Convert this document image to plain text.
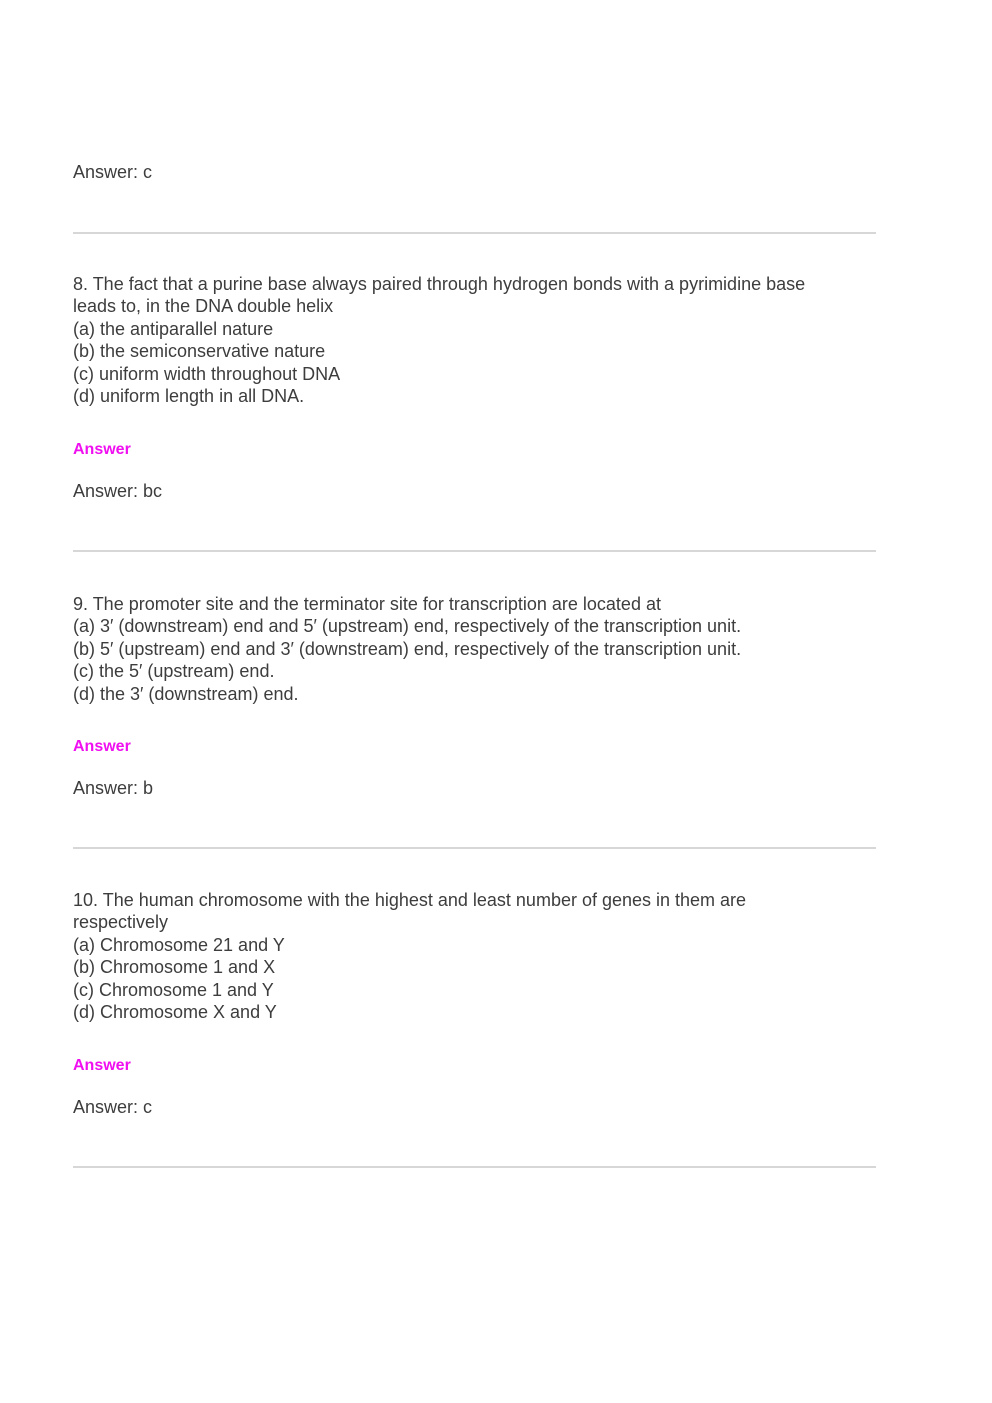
Answer: c
8. The fact that a purine base always paired through hydrogen bonds with a pyrimidine base
leads to, in the DNA double helix
(a) the antiparallel nature
(b) the semiconservative nature
(c) uniform width throughout DNA
(d) uniform length in all DNA.
Answer
Answer: bc
9. The promoter site and the terminator site for transcription are located at
(a) 3′ (downstream) end and 5′ (upstream) end, respectively of the transcription unit.
(b) 5′ (upstream) end and 3′ (downstream) end, respectively of the transcription unit.
(c) the 5′ (upstream) end.
(d) the 3′ (downstream) end.
Answer
Answer: b
10. The human chromosome with the highest and least number of genes in them are
respectively
(a) Chromosome 21 and Y
(b) Chromosome 1 and X
(c) Chromosome 1 and Y
(d) Chromosome X and Y
Answer
Answer: c
